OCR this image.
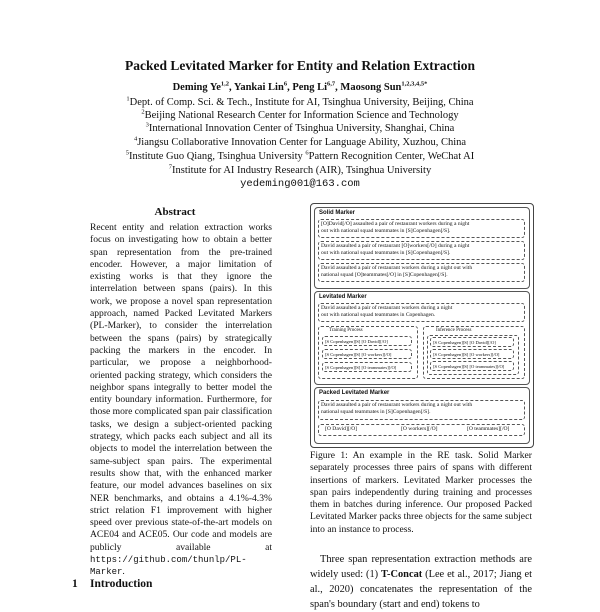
Packed Levitated Marker for Entity and Relation Extraction
Deming Ye$^{1,2}$, Yankai Lin$^6$, Peng Li$^{6,7}$, Maosong Sun$^{1,2,3,4,5*}$
$^1$Dept. of Comp. Sci. & Tech., Institute for AI, Tsinghua University, Beijing, China
$^2$Beijing National Research Center for Information Science and Technology
$^3$International Innovation Center of Tsinghua University, Shanghai, China
$^4$Jiangsu Collaborative Innovation Center for Language Ability, Xuzhou, China
$^5$Institute Guo Qiang, Tsinghua University $^6$Pattern Recognition Center, WeChat AI
$^7$Institute for AI Industry Research (AIR), Tsinghua University
yedeming001@163.com
Abstract
Recent entity and relation extraction works focus on investigating how to obtain a better span representation from the pre-trained encoder. However, a major limitation of existing works is that they ignore the interrelation between spans (pairs). In this work, we propose a novel span representation approach, named Packed Levitated Markers (PL-Marker), to consider the interrelation between the spans (pairs) by strategically packing the markers in the encoder. In particular, we propose a neighborhood-oriented packing strategy, which considers the neighbor spans integrally to better model the entity boundary information. Furthermore, for those more complicated span pair classification tasks, we design a subject-oriented packing strategy, which packs each subject and all its objects to model the interrelation between the same-subject span pairs. The experimental results show that, with the enhanced marker feature, our model advances baselines on six NER benchmarks, and obtains a 4.1%-4.3% strict relation F1 improvement with higher speed over previous state-of-the-art models on ACE04 and ACE05. Our code and models are publicly available at https://github.com/thunlp/PL-Marker.
1 Introduction
Solid Marker
[O]David[/O] assaulted a pair of restaurant workers during a night
out with national squad teammates in [S]Copenhagen[/S].
David assaulted a pair of restaurant [O]workers[/O] during a night
out with national squad teammates in [S]Copenhagen[/S].
David assaulted a pair of restaurant workers during a night out with
national squad [O]teammates[/O] in [S]Copenhagen[/S].
Levitated Marker
David assaulted a pair of restaurant workers during a night
out with national squad teammates in Copenhagen.
Training Process
[S Copenhagen][S] [O David][/O]
[S Copenhagen][S] [O workers][/O]
[S Copenhagen][S] [O teammates][/O]
Inference Process
[S Copenhagen][S] [O David][/O]
[S Copenhagen][S] [O workers][/O]
[S Copenhagen][S] [O teammates][/O]
Packed Levitated Marker
David assaulted a pair of restaurant workers during a night out with
national squad teammates in [S]Copenhagen[/S].
[O David][/O]	[O workers][/O]	[O teammates][/O]
Figure 1: An example in the RE task. Solid Marker separately processes three pairs of spans with different insertions of markers. Levitated Marker processes the span pairs independently during training and processes them in batches during inference. Our proposed Packed Levitated Marker packs three objects for the same subject into an instance to process.
Three span representation extraction methods are widely used: (1) T-Concat (Lee et al., 2017; Jiang et al., 2020) concatenates the representation of the span's boundary (start and end) tokens to
